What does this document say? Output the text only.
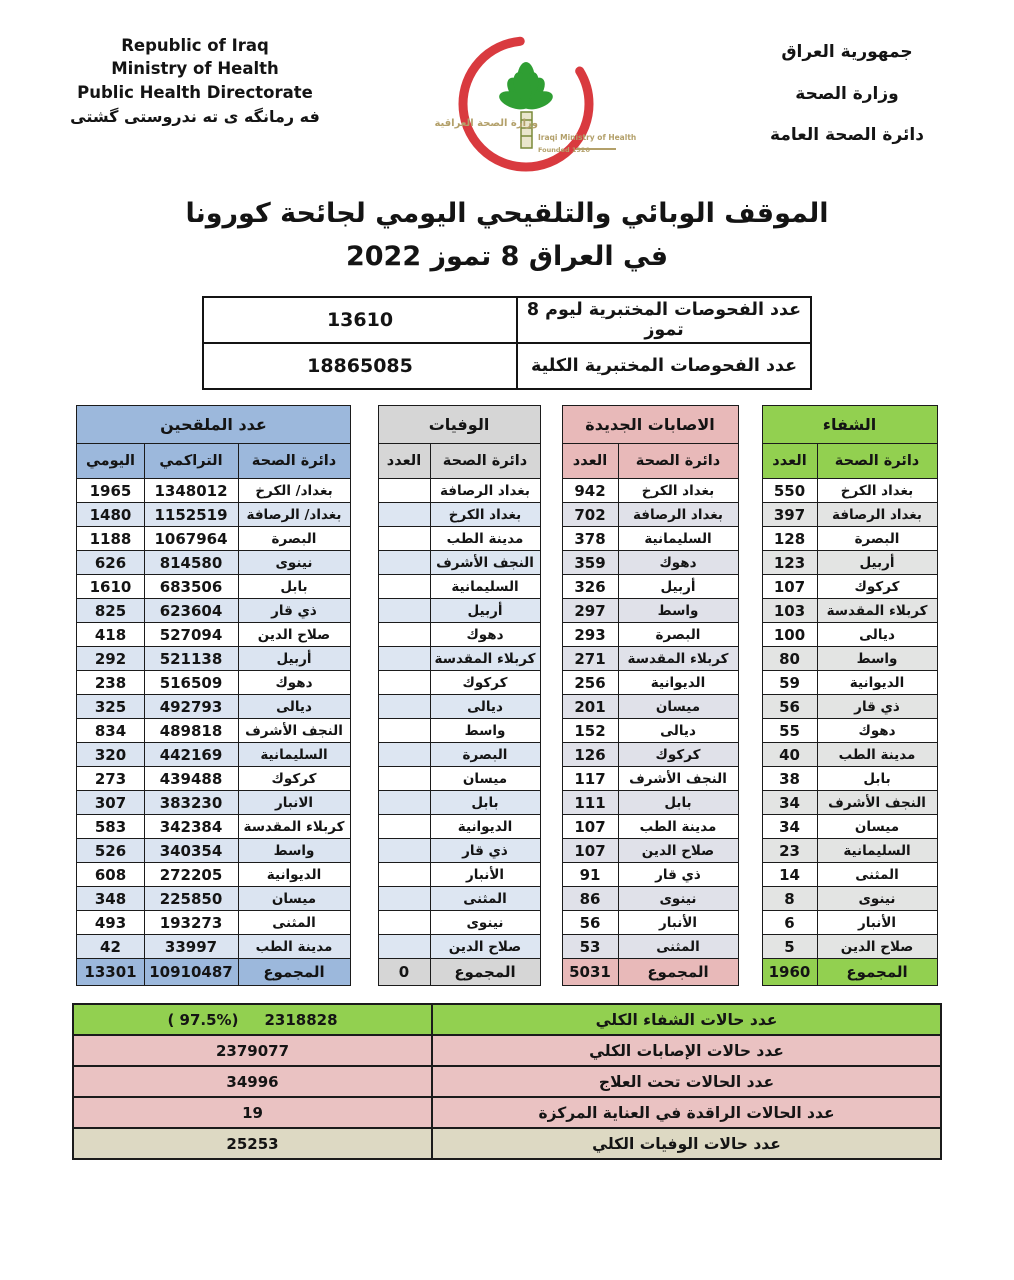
Republic of Iraq
Ministry of Health
Public Health Directorate
فه رمانگه ی ته ندروستی گشتی	وزارة الصحة العراقية
Iraqi Ministry of Health
Founded 1920
جمهورية العراق
وزارة الصحة
دائرة الصحة العامة
الموقف الوبائي والتلقيحي اليومي لجائحة كورونا
في العراق 8 تموز 2022
عدد الفحوصات المختبرية ليوم 8 تموز	13610
عدد الفحوصات المختبرية الكلية	18865085
الشفاء			الاصابات الجديدة			الوفيات			عدد الملقحين		
دائرة الصحة	العدد		دائرة الصحة	العدد		دائرة الصحة	العدد		دائرة الصحة	التراكمي	اليومي
بغداد الكرخ	550		بغداد الكرخ	942		بغداد الرصافة			بغداد/ الكرخ	1348012	1965
بغداد الرصافة	397		بغداد الرصافة	702		بغداد الكرخ			بغداد/ الرصافة	1152519	1480
البصرة	128		السليمانية	378		مدينة الطب			البصرة	1067964	1188
أربيل	123		دهوك	359		النجف الأشرف			نينوى	814580	626
كركوك	107		أربيل	326		السليمانية			بابل	683506	1610
كربلاء المقدسة	103		واسط	297		أربيل			ذي قار	623604	825
ديالى	100		البصرة	293		دهوك			صلاح الدين	527094	418
واسط	80		كربلاء المقدسة	271		كربلاء المقدسة			أربيل	521138	292
الديوانية	59		الديوانية	256		كركوك			دهوك	516509	238
ذي قار	56		ميسان	201		ديالى			ديالى	492793	325
دهوك	55		ديالى	152		واسط			النجف الأشرف	489818	834
مدينة الطب	40		كركوك	126		البصرة			السليمانية	442169	320
بابل	38		النجف الأشرف	117		ميسان			كركوك	439488	273
النجف الأشرف	34		بابل	111		بابل			الانبار	383230	307
ميسان	34		مدينة الطب	107		الديوانية			كربلاء المقدسة	342384	583
السليمانية	23		صلاح الدين	107		ذي قار			واسط	340354	526
المثنى	14		ذي قار	91		الأنبار			الديوانية	272205	608
نينوى	8		نينوى	86		المثنى			ميسان	225850	348
الأنبار	6		الأنبار	56		نينوى			المثنى	193273	493
صلاح الدين	5		المثنى	53		صلاح الدين			مدينة الطب	33997	42
المجموع	1960		المجموع	5031		المجموع	0		المجموع	10910487	13301
عدد حالات الشفاء الكلي	( 97.5%) 2318828

عدد حالات الإصابات الكلي	2379077
عدد الحالات تحت العلاج	34996
عدد الحالات الراقدة في العناية المركزة	19
عدد حالات الوفيات الكلي	25253
